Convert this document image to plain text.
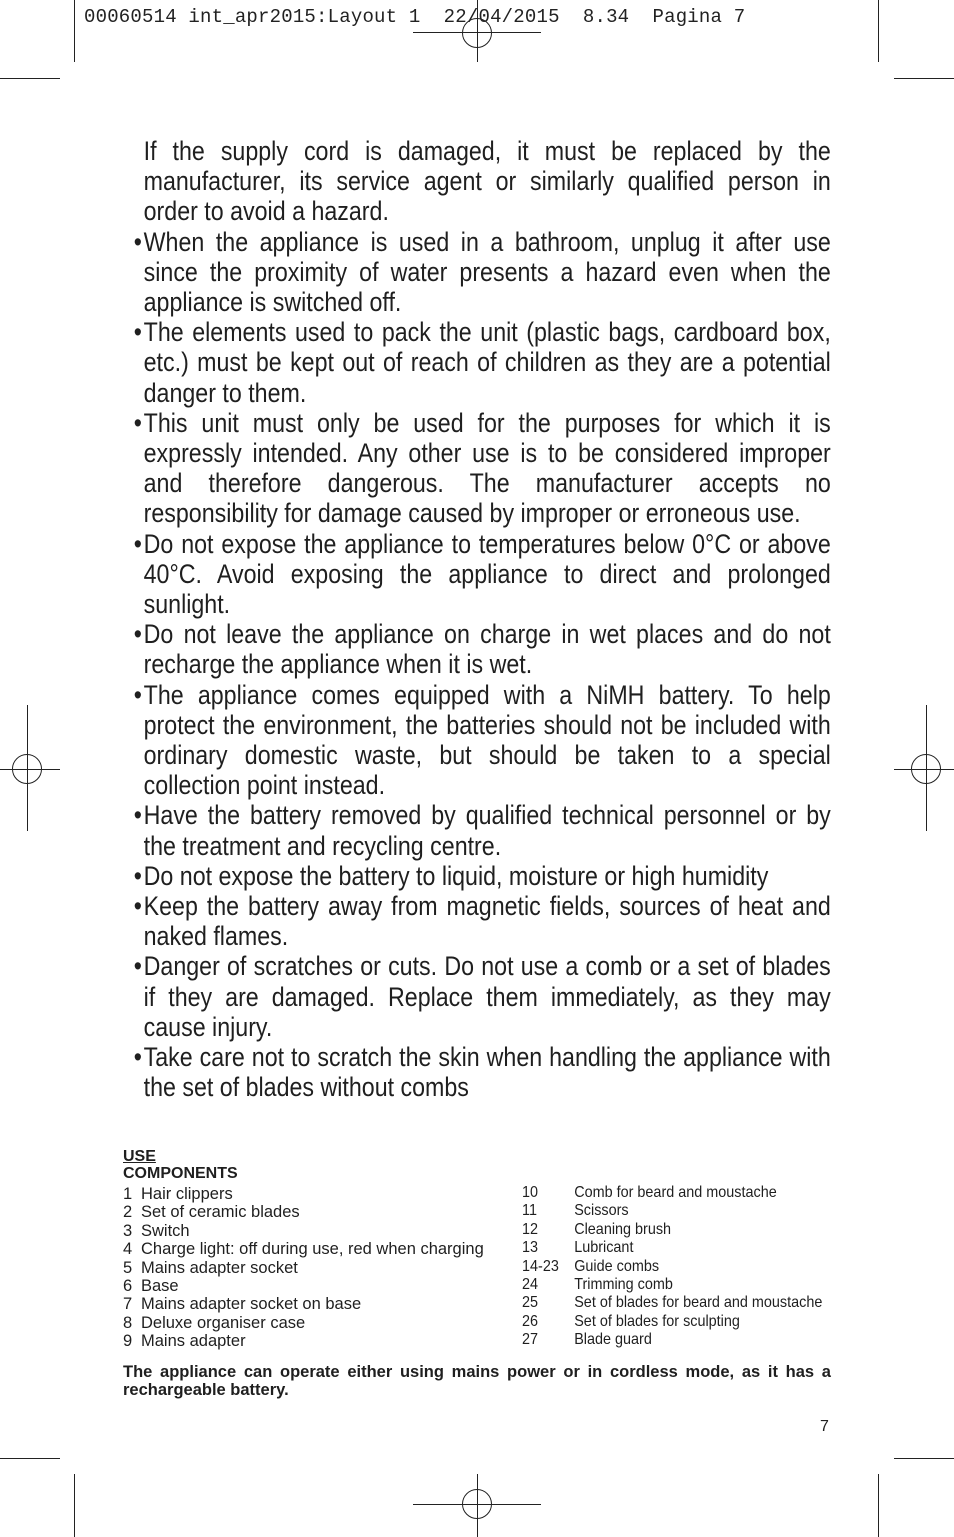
00060514 int_apr2015:Layout 1  22/04/2015  8.34  Pagina 7
If the supply cord is damaged, it must be replaced by the manufacturer, its service agent or similarly qualified person in order to avoid a hazard.
• When the appliance is used in a bathroom, unplug it after use since the proximity of water presents a hazard even when the appliance is switched off.
• The elements used to pack the unit (plastic bags, cardboard box, etc.) must be kept out of reach of children as they are a potential danger to them.
• This unit must only be used for the purposes for which it is expressly intended. Any other use is to be considered improper and therefore dangerous. The manufacturer accepts no responsibility for damage caused by improper or erroneous use.
• Do not expose the appliance to temperatures below 0°C or above 40°C. Avoid exposing the appliance to direct and prolonged sunlight.
• Do not leave the appliance on charge in wet places and do not recharge the appliance when it is wet.
• The appliance comes equipped with a NiMH battery. To help protect the environment, the batteries should not be included with ordinary domestic waste, but should be taken to a special collection point instead.
• Have the battery removed by qualified technical personnel or by the treatment and recycling centre.
• Do not expose the battery to liquid, moisture or high humidity
• Keep the battery away from magnetic fields, sources of heat and naked flames.
• Danger of scratches or cuts. Do not use a comb or a set of blades if they are damaged. Replace them immediately, as they may cause injury.
• Take care not to scratch the skin when handling the appliance with the set of blades without combs
USE
COMPONENTS
1 Hair clippers
2 Set of ceramic blades
3 Switch
4 Charge light: off during use, red when charging
5 Mains adapter socket
6 Base
7 Mains adapter socket on base
8 Deluxe organiser case
9 Mains adapter
10 Comb for beard and moustache
11 Scissors
12 Cleaning brush
13 Lubricant
14-23 Guide combs
24 Trimming comb
25 Set of blades for beard and moustache
26 Set of blades for sculpting
27 Blade guard
The appliance can operate either using mains power or in cordless mode, as it has a rechargeable battery.
7
